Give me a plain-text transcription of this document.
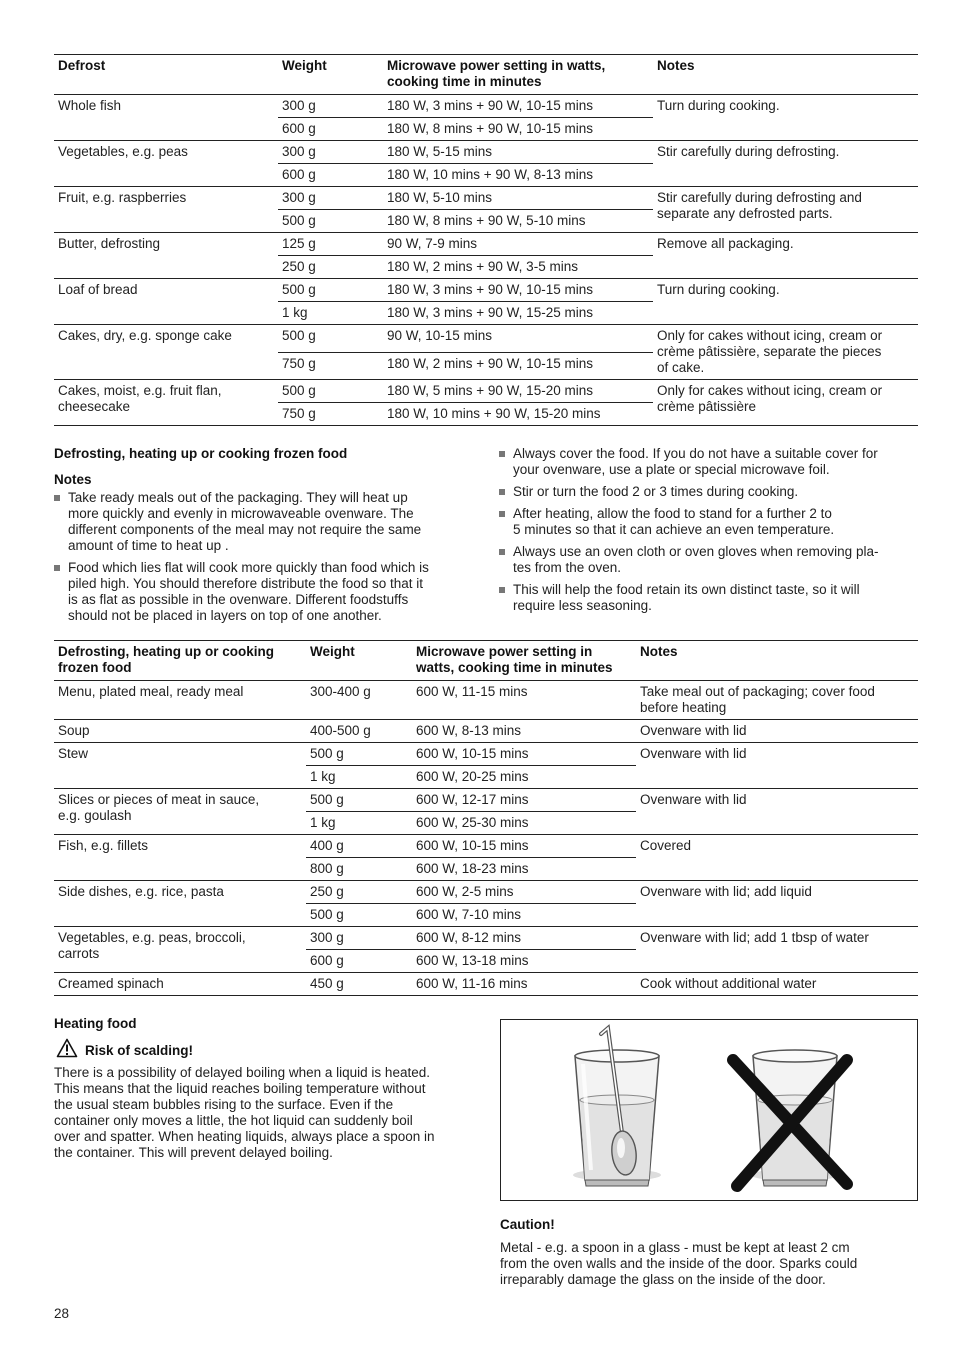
Defrost	Weight	Microwave power setting in watts,
cooking time in minutes	Notes
Whole fish	300 g	180 W, 3 mins + 90 W, 10-15 mins	Turn during cooking.
	600 g	180 W, 8 mins + 90 W, 10-15 mins	
Vegetables, e.g. peas	300 g	180 W, 5-15 mins	Stir carefully during defrosting.
	600 g	180 W, 10 mins + 90 W, 8-13 mins	
Fruit, e.g. raspberries	300 g	180 W, 5-10 mins	Stir carefully during defrosting and
separate any defrosted parts.
	500 g	180 W, 8 mins + 90 W, 5-10 mins	
Butter, defrosting	125 g	90 W, 7-9 mins	Remove all packaging.
	250 g	180 W, 2 mins + 90 W, 3-5 mins	
Loaf of bread	500 g	180 W, 3 mins + 90 W, 10-15 mins	Turn during cooking.
	1 kg	180 W, 3 mins + 90 W, 15-25 mins	
Cakes, dry, e.g. sponge cake	500 g	90 W, 10-15 mins	Only for cakes without icing, cream or
crème pâtissière, separate the pieces
of cake.
	750 g	180 W, 2 mins + 90 W, 10-15 mins	
Cakes, moist, e.g. fruit flan,
cheesecake	500 g	180 W, 5 mins + 90 W, 15-20 mins	Only for cakes without icing, cream or
crème pâtissière
	750 g	180 W, 10 mins + 90 W, 15-20 mins	
Defrosting, heating up or cooking frozen food
Notes
Take ready meals out of the packaging. They will heat up
more quickly and evenly in microwaveable ovenware. The
different components of the meal may not require the same
amount of time to heat up .
Food which lies flat will cook more quickly than food which is
piled high. You should therefore distribute the food so that it
is as flat as possible in the ovenware. Different foodstuffs
should not be placed in layers on top of one another.
Always cover the food. If you do not have a suitable cover for
your ovenware, use a plate or special microwave foil.
Stir or turn the food 2 or 3 times during cooking.
After heating, allow the food to stand for a further 2 to
5 minutes so that it can achieve an even temperature.
Always use an oven cloth or oven gloves when removing pla-
tes from the oven.
This will help the food retain its own distinct taste, so it will
require less seasoning.
Defrosting, heating up or cooking
frozen food	Weight	Microwave power setting in
watts, cooking time in minutes	Notes
Menu, plated meal, ready meal	300-400 g	600 W, 11-15 mins	Take meal out of packaging; cover food
before heating
Soup	400-500 g	600 W, 8-13 mins	Ovenware with lid
Stew	500 g	600 W, 10-15 mins	Ovenware with lid
	1 kg	600 W, 20-25 mins	
Slices or pieces of meat in sauce,
e.g. goulash	500 g	600 W, 12-17 mins	Ovenware with lid
	1 kg	600 W, 25-30 mins	
Fish, e.g. fillets	400 g	600 W, 10-15 mins	Covered
	800 g	600 W, 18-23 mins	
Side dishes, e.g. rice, pasta	250 g	600 W, 2-5 mins	Ovenware with lid; add liquid
	500 g	600 W, 7-10 mins	
Vegetables, e.g. peas, broccoli,
carrots	300 g	600 W, 8-12 mins	Ovenware with lid; add 1 tbsp of water
	600 g	600 W, 13-18 mins	
Creamed spinach	450 g	600 W, 11-16 mins	Cook without additional water
Heating food
Risk of scalding!
There is a possibility of delayed boiling when a liquid is heated.
This means that the liquid reaches boiling temperature without
the usual steam bubbles rising to the surface. Even if the
container only moves a little, the hot liquid can suddenly boil
over and spatter. When heating liquids, always place a spoon in
the container. This will prevent delayed boiling.
Caution!
Metal - e.g. a spoon in a glass - must be kept at least 2 cm
from the oven walls and the inside of the door. Sparks could
irreparably damage the glass on the inside of the door.
28
